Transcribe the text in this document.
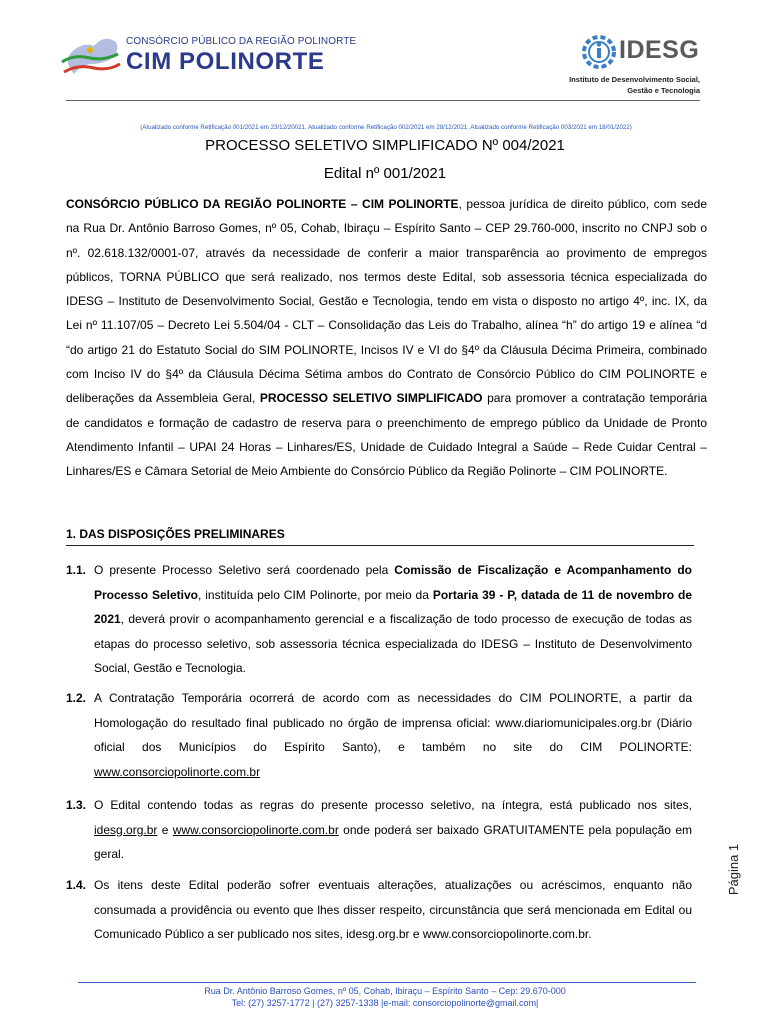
CONSÓRCIO PÚBLICO DA REGIÃO POLINORTE
CIM POLINORTE	IDESG
Instituto de Desenvolvimento Social,
Gestão e Tecnologia
(Atualizado conforme Retificação 001/2021 em 23/12/20021. Atualizado conforme Retificação 002/2021 em 28/12/2021. Atualizado conforme Retificação 003/2021 em 18/01/2022)
PROCESSO SELETIVO SIMPLIFICADO Nº 004/2021
Edital nº 001/2021
CONSÓRCIO PÚBLICO DA REGIÃO POLINORTE – CIM POLINORTE, pessoa jurídica de direito público, com sede na Rua Dr. Antônio Barroso Gomes, nº 05, Cohab, Ibiraçu – Espírito Santo – CEP 29.760-000, inscrito no CNPJ sob o nº. 02.618.132/0001-07, através da necessidade de conferir a maior transparência ao provimento de empregos públicos, TORNA PÚBLICO que será realizado, nos termos deste Edital, sob assessoria técnica especializada do IDESG – Instituto de Desenvolvimento Social, Gestão e Tecnologia, tendo em vista o disposto no artigo 4º, inc. IX, da Lei nº 11.107/05 – Decreto Lei 5.504/04 - CLT – Consolidação das Leis do Trabalho, alínea “h” do artigo 19 e alínea “d “do artigo 21 do Estatuto Social do SIM POLINORTE, Incisos IV e VI do §4º da Cláusula Décima Primeira, combinado com Inciso IV do §4º da Cláusula Décima Sétima ambos do Contrato de Consórcio Público do CIM POLINORTE e deliberações da Assembleia Geral, PROCESSO SELETIVO SIMPLIFICADO para promover a contratação temporária de candidatos e formação de cadastro de reserva para o preenchimento de emprego público da Unidade de Pronto Atendimento Infantil – UPAI 24 Horas – Linhares/ES, Unidade de Cuidado Integral a Saúde – Rede Cuidar Central – Linhares/ES e Câmara Setorial de Meio Ambiente do Consórcio Público da Região Polinorte – CIM POLINORTE.
1. DAS DISPOSIÇÕES PRELIMINARES
1.1. O presente Processo Seletivo será coordenado pela Comissão de Fiscalização e Acompanhamento do Processo Seletivo, instituída pelo CIM Polinorte, por meio da Portaria 39 - P, datada de 11 de novembro de 2021, deverá provir o acompanhamento gerencial e a fiscalização de todo processo de execução de todas as etapas do processo seletivo, sob assessoria técnica especializada do IDESG – Instituto de Desenvolvimento Social, Gestão e Tecnologia.
1.2. A Contratação Temporária ocorrerá de acordo com as necessidades do CIM POLINORTE, a partir da Homologação do resultado final publicado no órgão de imprensa oficial: www.diariomunicipales.org.br (Diário oficial dos Municípios do Espírito Santo), e também no site do CIM POLINORTE: www.consorciopolinorte.com.br
1.3. O Edital contendo todas as regras do presente processo seletivo, na íntegra, está publicado nos sites, idesg.org.br e www.consorciopolinorte.com.br onde poderá ser baixado GRATUITAMENTE pela população em geral.
1.4. Os itens deste Edital poderão sofrer eventuais alterações, atualizações ou acréscimos, enquanto não consumada a providência ou evento que lhes disser respeito, circunstância que será mencionada em Edital ou Comunicado Público a ser publicado nos sites, idesg.org.br e www.consorciopolinorte.com.br.
Página 1
Rua Dr. Antônio Barroso Gomes, nº 05, Cohab, Ibiraçu – Espírito Santo – Cep: 29.670-000
Tel: (27) 3257-1772 | (27) 3257-1338 |e-mail: consorciopolinorte@gmail.com|
